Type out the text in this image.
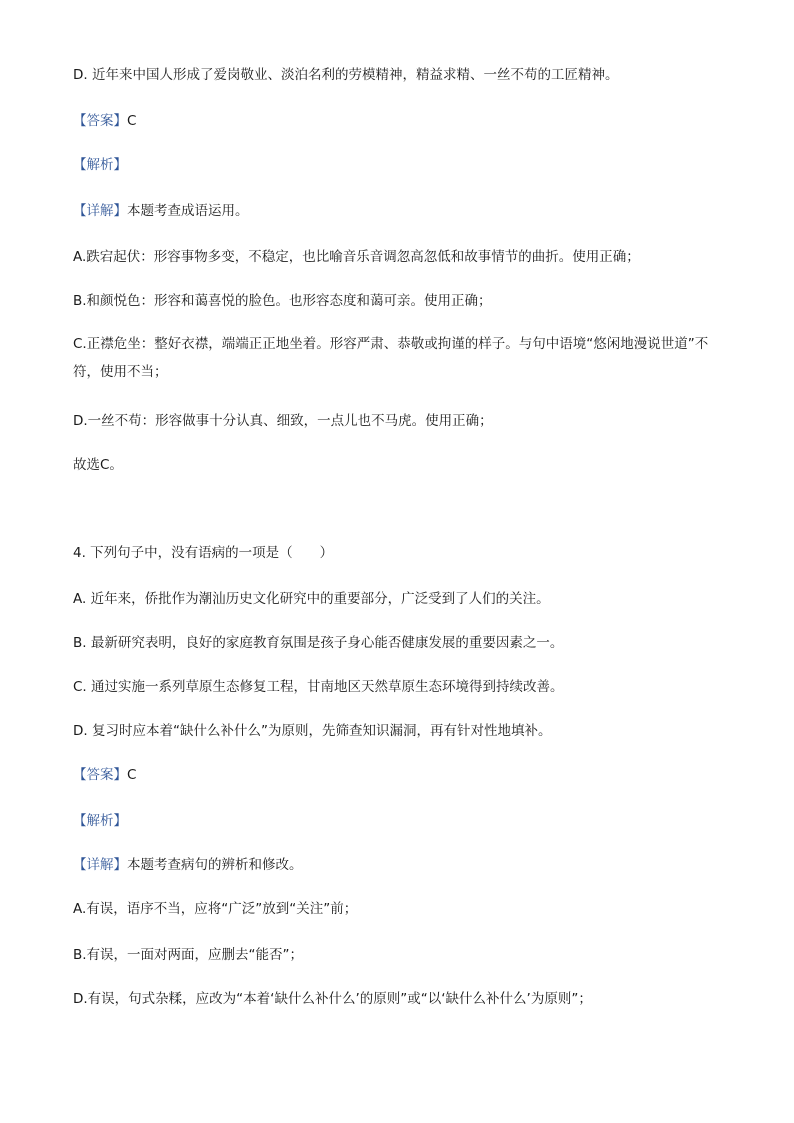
D. 近年来中国人形成了爱岗敬业、淡泊名利的劳模精神，精益求精、一丝不苟的工匠精神。
【答案】C
【解析】
【详解】本题考查成语运用。
A.跌宕起伏：形容事物多变，不稳定，也比喻音乐音调忽高忽低和故事情节的曲折。使用正确；
B.和颜悦色：形容和蔼喜悦的脸色。也形容态度和蔼可亲。使用正确；
C.正襟危坐：整好衣襟，端端正正地坐着。形容严肃、恭敬或拘谨的样子。与句中语境“悠闲地漫说世道”不符，使用不当；
D.一丝不苟：形容做事十分认真、细致，一点儿也不马虎。使用正确；
故选C。
4. 下列句子中，没有语病的一项是（　　）
A. 近年来，侨批作为潮汕历史文化研究中的重要部分，广泛受到了人们的关注。
B. 最新研究表明，良好的家庭教育氛围是孩子身心能否健康发展的重要因素之一。
C. 通过实施一系列草原生态修复工程，甘南地区天然草原生态环境得到持续改善。
D. 复习时应本着“缺什么补什么”为原则，先筛查知识漏洞，再有针对性地填补。
【答案】C
【解析】
【详解】本题考查病句的辨析和修改。
A.有误，语序不当，应将“广泛”放到“关注”前；
B.有误，一面对两面，应删去“能否”；
D.有误，句式杂糅，应改为“本着‘缺什么补什么’的原则”或“以‘缺什么补什么’为原则”；
